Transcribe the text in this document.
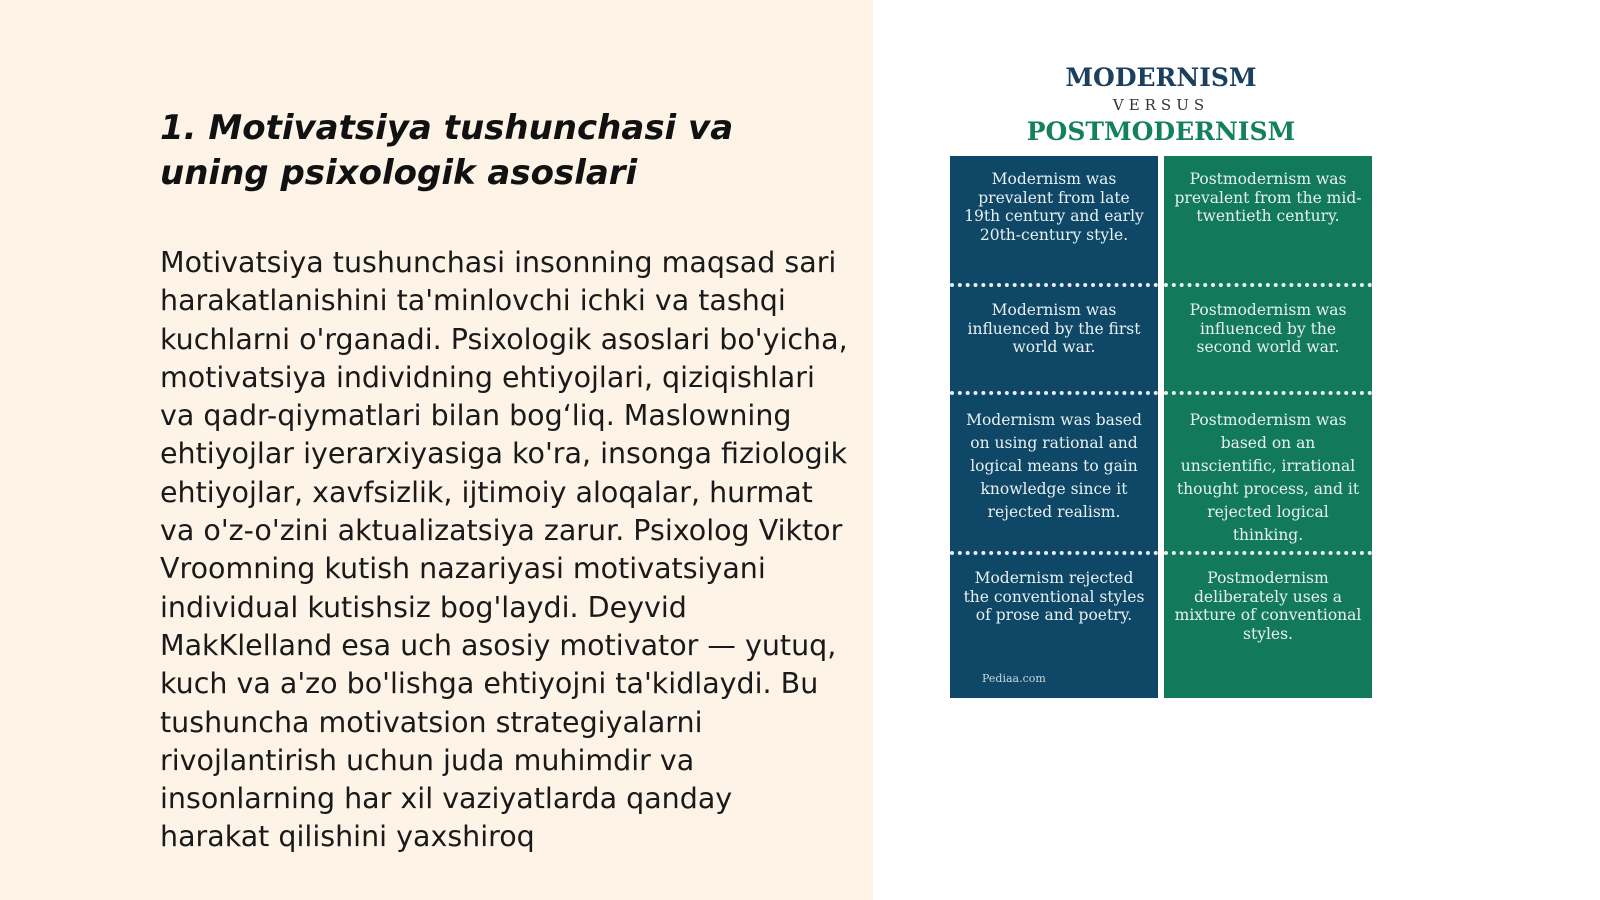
1. Motivatsiya tushunchasi va uning psixologik asoslari

Motivatsiya tushunchasi insonning maqsad sari harakatlanishini ta'minlovchi ichki va tashqi kuchlarni o'rganadi. Psixologik asoslari bo'yicha, motivatsiya individning ehtiyojlari, qiziqishlari va qadr-qiymatlari bilan bog‘liq. Maslowning ehtiyojlar iyerarxiyasiga ko'ra, insonga fiziologik ehtiyojlar, xavfsizlik, ijtimoiy aloqalar, hurmat va o'z-o'zini aktualizatsiya zarur. Psixolog Viktor Vroomning kutish nazariyasi motivatsiyani individual kutishsiz bog'laydi. Deyvid MakKlelland esa uch asosiy motivator — yutuq, kuch va a'zo bo'lishga ehtiyojni ta'kidlaydi. Bu tushuncha motivatsion strategiyalarni rivojlantirish uchun juda muhimdir va insonlarning har xil vaziyatlarda qanday harakat qilishini yaxshiroq

MODERNISM
VERSUS
POSTMODERNISM
Modernism was prevalent from late 19th century and early 20th-century style.
Modernism was influenced by the first world war.
Modernism was based on using rational and logical means to gain knowledge since it rejected realism.
Modernism rejected the conventional styles of prose and poetry.
Pediaa.com
Postmodernism was prevalent from the mid-twentieth century.
Postmodernism was influenced by the second world war.
Postmodernism was based on an unscientific, irrational thought process, and it rejected logical thinking.
Postmodernism deliberately uses a mixture of conventional styles.
